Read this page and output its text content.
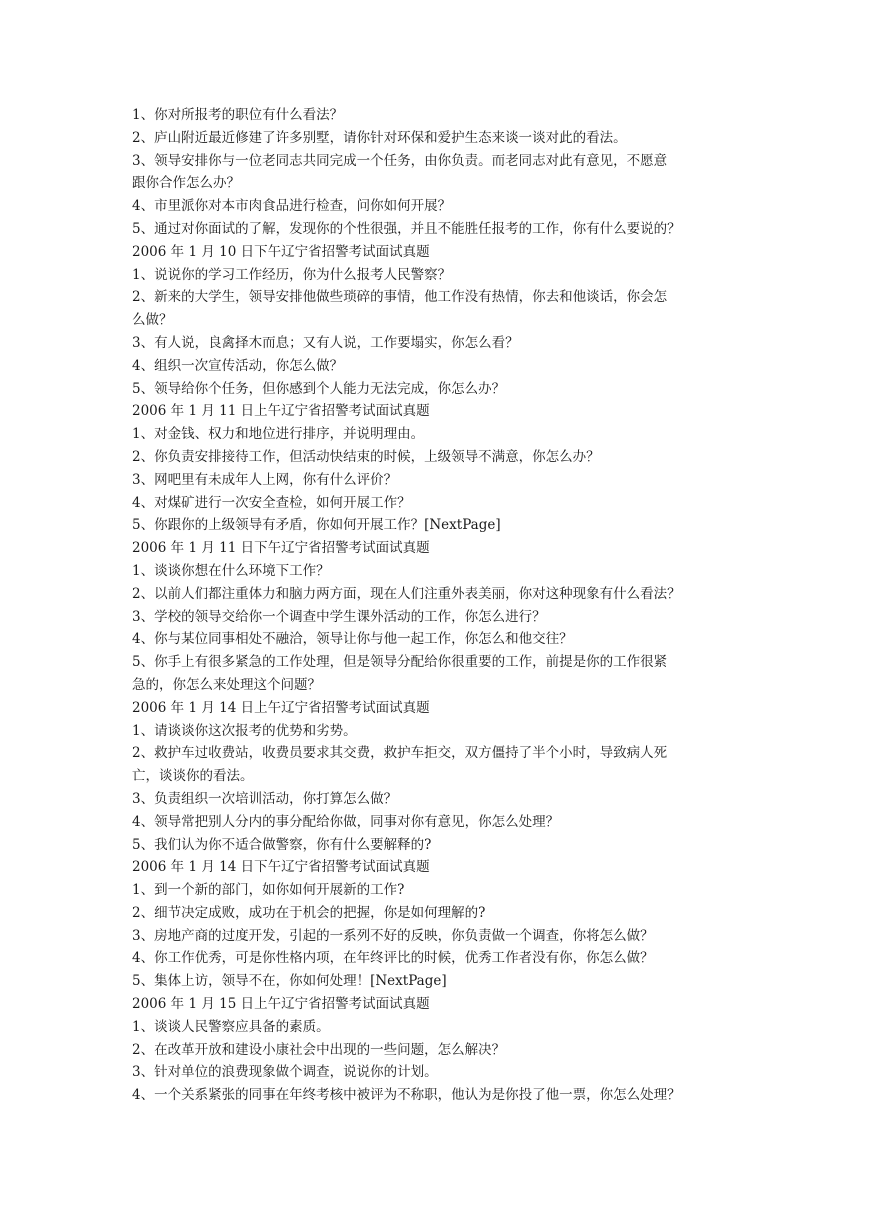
1、你对所报考的职位有什么看法？
2、庐山附近最近修建了许多别墅，请你针对环保和爱护生态来谈一谈对此的看法。
3、领导安排你与一位老同志共同完成一个任务，由你负责。而老同志对此有意见，不愿意
跟你合作怎么办？
4、市里派你对本市肉食品进行检查，问你如何开展？
5、通过对你面试的了解，发现你的个性很强，并且不能胜任报考的工作，你有什么要说的？
2006 年 1 月 10 日下午辽宁省招警考试面试真题
1、说说你的学习工作经历，你为什么报考人民警察？
2、新来的大学生，领导安排他做些琐碎的事情，他工作没有热情，你去和他谈话，你会怎
么做？
3、有人说，良禽择木而息；又有人说，工作要塌实，你怎么看？
4、组织一次宣传活动，你怎么做？
5、领导给你个任务，但你感到个人能力无法完成，你怎么办？
2006 年 1 月 11 日上午辽宁省招警考试面试真题
1、对金钱、权力和地位进行排序，并说明理由。
2、你负责安排接待工作，但活动快结束的时候，上级领导不满意，你怎么办？
3、网吧里有未成年人上网，你有什么评价？
4、对煤矿进行一次安全查检，如何开展工作？
5、你跟你的上级领导有矛盾，你如何开展工作？[NextPage]
2006 年 1 月 11 日下午辽宁省招警考试面试真题
1、谈谈你想在什么环境下工作？
2、以前人们都注重体力和脑力两方面，现在人们注重外表美丽，你对这种现象有什么看法？
3、学校的领导交给你一个调查中学生课外活动的工作，你怎么进行？
4、你与某位同事相处不融洽，领导让你与他一起工作，你怎么和他交往？
5、你手上有很多紧急的工作处理，但是领导分配给你很重要的工作，前提是你的工作很紧
急的，你怎么来处理这个问题？
2006 年 1 月 14 日上午辽宁省招警考试面试真题
1、请谈谈你这次报考的优势和劣势。
2、救护车过收费站，收费员要求其交费，救护车拒交，双方僵持了半个小时，导致病人死
亡，谈谈你的看法。
3、负责组织一次培训活动，你打算怎么做？
4、领导常把别人分内的事分配给你做，同事对你有意见，你怎么处理？
5、我们认为你不适合做警察，你有什么要解释的?
2006 年 1 月 14 日下午辽宁省招警考试面试真题
1、到一个新的部门，如你如何开展新的工作?
2、细节决定成败，成功在于机会的把握，你是如何理解的?
3、房地产商的过度开发，引起的一系列不好的反映，你负责做一个调查，你将怎么做？
4、你工作优秀，可是你性格内项，在年终评比的时候，优秀工作者没有你，你怎么做？
5、集体上访，领导不在，你如何处理！[NextPage]
2006 年 1 月 15 日上午辽宁省招警考试面试真题
1、谈谈人民警察应具备的素质。
2、在改革开放和建设小康社会中出现的一些问题，怎么解决？
3、针对单位的浪费现象做个调查，说说你的计划。
4、一个关系紧张的同事在年终考核中被评为不称职，他认为是你投了他一票，你怎么处理？
